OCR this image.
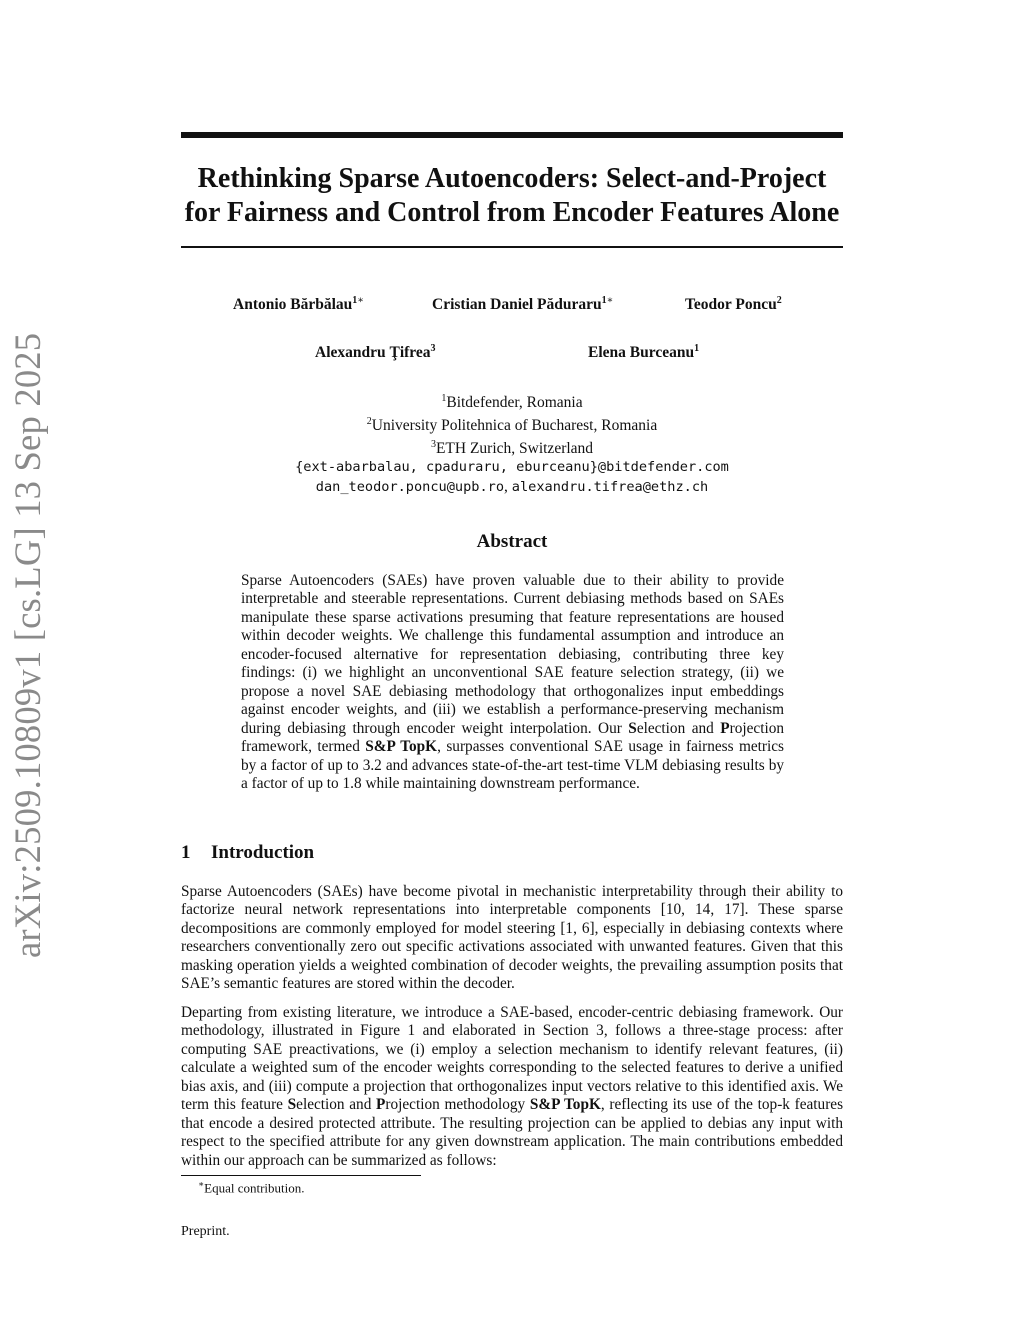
arXiv:2509.10809v1 [cs.LG] 13 Sep 2025
Rethinking Sparse Autoencoders: Select-and-Project
for Fairness and Control from Encoder Features Alone
Antonio Bărbălau$^{1∗}$	Cristian Daniel Păduraru$^{1∗}$	Teodor Poncu$^2$
Alexandru Ţifrea$^3$	Elena Burceanu$^1$
$^1$Bitdefender, Romania
$^2$University Politehnica of Bucharest, Romania
$^3$ETH Zurich, Switzerland
{ext-abarbalau, cpaduraru, eburceanu}@bitdefender.com
dan_teodor.poncu@upb.ro, alexandru.tifrea@ethz.ch
Abstract

Sparse Autoencoders (SAEs) have proven valuable due to their ability to provide interpretable and steerable representations. Current debiasing methods based on SAEs manipulate these sparse activations presuming that feature representations are housed within decoder weights. We challenge this fundamental assumption and introduce an encoder-focused alternative for representation debiasing, contributing three key findings: (i) we highlight an unconventional SAE feature selection strategy, (ii) we propose a novel SAE debiasing methodology that orthogonalizes input embeddings against encoder weights, and (iii) we establish a performance-preserving mechanism during debiasing through encoder weight interpolation. Our Selection and Projection framework, termed S&P TopK, surpasses conventional SAE usage in fairness metrics by a factor of up to 3.2 and advances state-of-the-art test-time VLM debiasing results by a factor of up to 1.8 while maintaining downstream performance.

1 Introduction

Sparse Autoencoders (SAEs) have become pivotal in mechanistic interpretability through their ability to factorize neural network representations into interpretable components [10, 14, 17]. These sparse decompositions are commonly employed for model steering [1, 6], especially in debiasing contexts where researchers conventionally zero out specific activations associated with unwanted features. Given that this masking operation yields a weighted combination of decoder weights, the prevailing assumption posits that SAE’s semantic features are stored within the decoder.

Departing from existing literature, we introduce a SAE-based, encoder-centric debiasing framework. Our methodology, illustrated in Figure 1 and elaborated in Section 3, follows a three-stage process: after computing SAE preactivations, we (i) employ a selection mechanism to identify relevant features, (ii) calculate a weighted sum of the encoder weights corresponding to the selected features to derive a unified bias axis, and (iii) compute a projection that orthogonalizes input vectors relative to this identified axis. We term this feature Selection and Projection methodology S&P TopK, reflecting its use of the top-k features that encode a desired protected attribute. The resulting projection can be applied to debias any input with respect to the specified attribute for any given downstream application. The main contributions embedded within our approach can be summarized as follows:

∗Equal contribution.
Preprint.
